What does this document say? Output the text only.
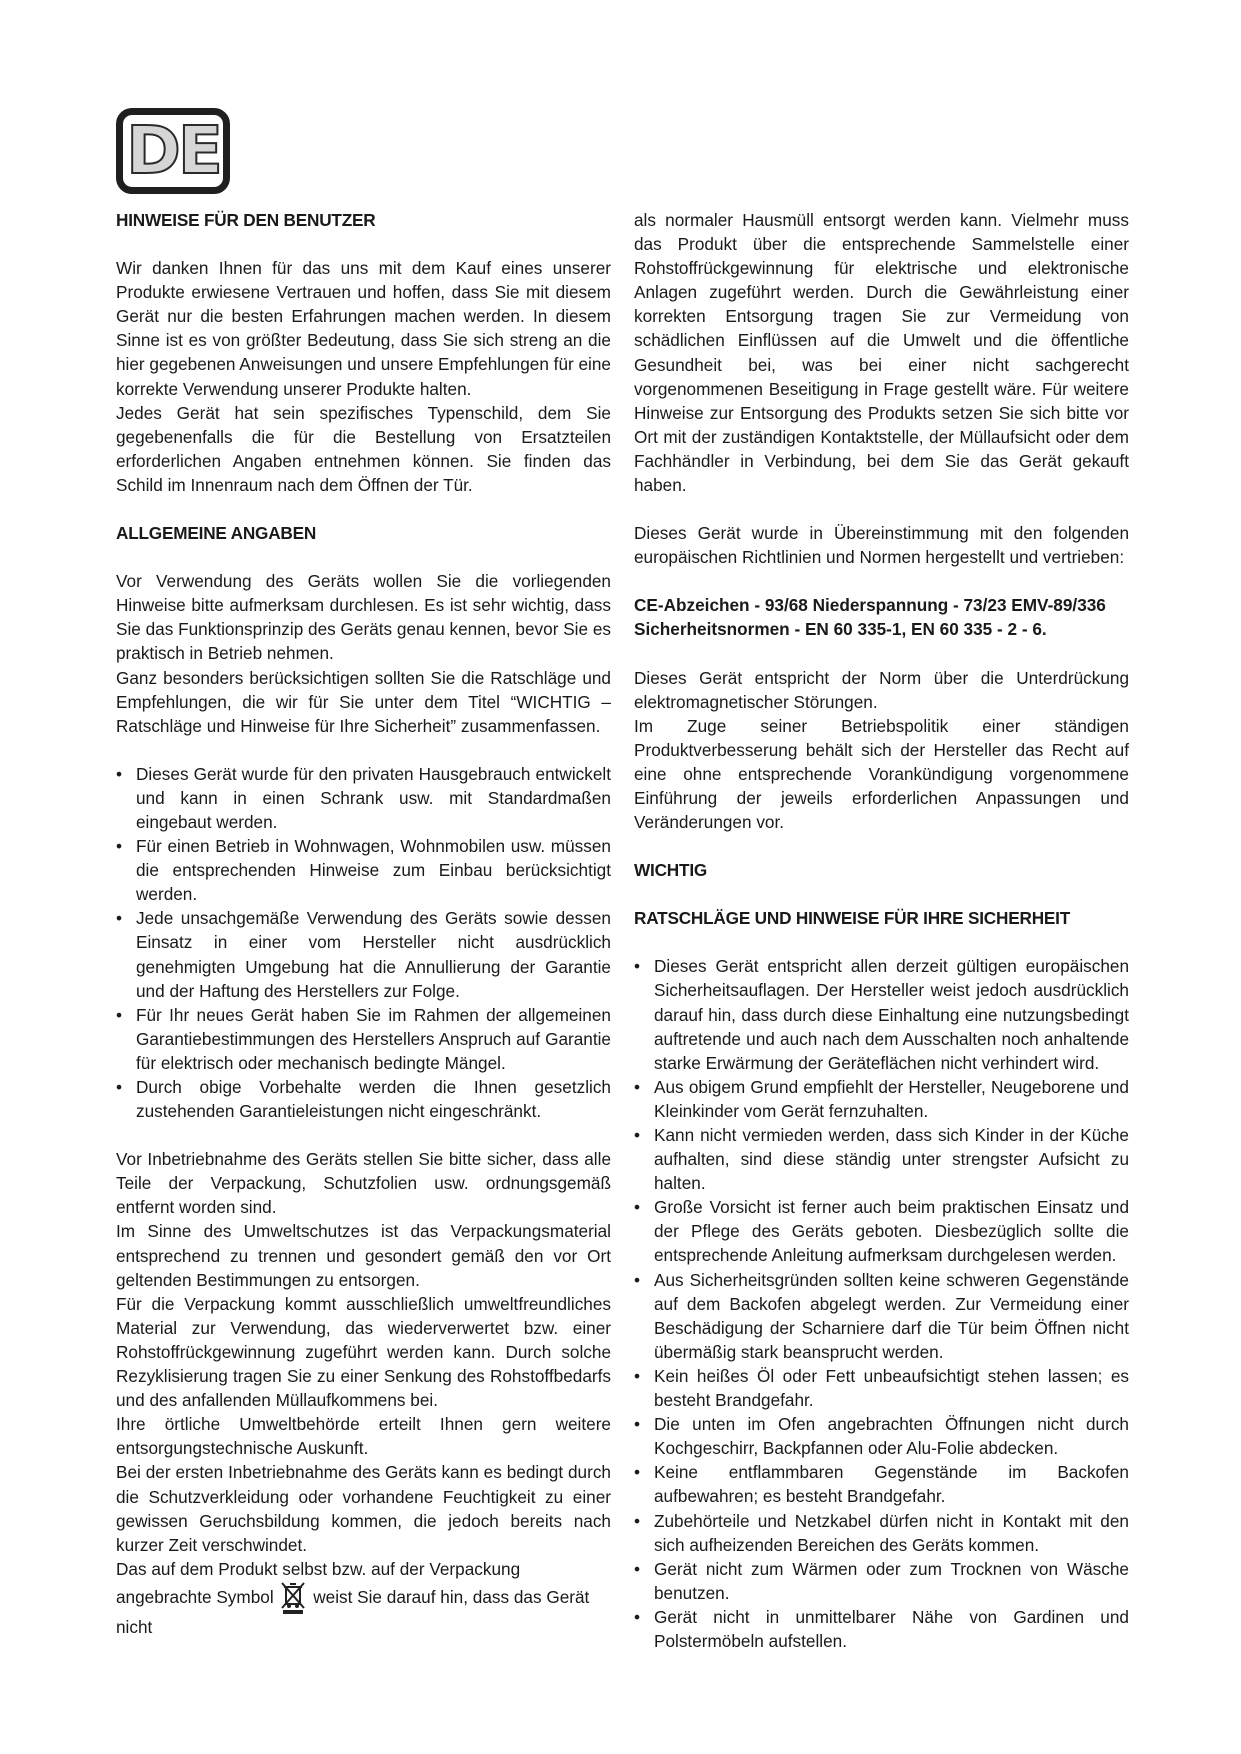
DE
HINWEISE FÜR DEN BENUTZER

Wir danken Ihnen für das uns mit dem Kauf eines unserer Produkte erwiesene Vertrauen und hoffen, dass Sie mit diesem Gerät nur die besten Erfahrungen machen werden. In diesem Sinne ist es von größter Bedeutung, dass Sie sich streng an die hier gegebenen Anweisungen und unsere Empfehlungen für eine korrekte Verwendung unserer Produkte halten.

Jedes Gerät hat sein spezifisches Typenschild, dem Sie gegebenenfalls die für die Bestellung von Ersatzteilen erforderlichen Angaben entnehmen können. Sie finden das Schild im Innenraum nach dem Öffnen der Tür.

ALLGEMEINE ANGABEN

Vor Verwendung des Geräts wollen Sie die vorliegenden Hinweise bitte aufmerksam durchlesen. Es ist sehr wichtig, dass Sie das Funktionsprinzip des Geräts genau kennen, bevor Sie es praktisch in Betrieb nehmen.

Ganz besonders berücksichtigen sollten Sie die Ratschläge und Empfehlungen, die wir für Sie unter dem Titel “WICHTIG – Ratschläge und Hinweise für Ihre Sicherheit” zusammenfassen.

• Dieses Gerät wurde für den privaten Hausgebrauch entwickelt und kann in einen Schrank usw. mit Standardmaßen eingebaut werden.
• Für einen Betrieb in Wohnwagen, Wohnmobilen usw. müssen die entsprechenden Hinweise zum Einbau berücksichtigt werden.
• Jede unsachgemäße Verwendung des Geräts sowie dessen Einsatz in einer vom Hersteller nicht ausdrücklich genehmigten Umgebung hat die Annullierung der Garantie und der Haftung des Herstellers zur Folge.
• Für Ihr neues Gerät haben Sie im Rahmen der allgemeinen Garantiebestimmungen des Herstellers Anspruch auf Garantie für elektrisch oder mechanisch bedingte Mängel.
• Durch obige Vorbehalte werden die Ihnen gesetzlich zustehenden Garantieleistungen nicht eingeschränkt.

Vor Inbetriebnahme des Geräts stellen Sie bitte sicher, dass alle Teile der Verpackung, Schutzfolien usw. ordnungsgemäß entfernt worden sind.

Im Sinne des Umweltschutzes ist das Verpackungsmaterial entsprechend zu trennen und gesondert gemäß den vor Ort geltenden Bestimmungen zu entsorgen.

Für die Verpackung kommt ausschließlich umweltfreundliches Material zur Verwendung, das wiederverwertet bzw. einer Rohstoffrückgewinnung zugeführt werden kann. Durch solche Rezyklisierung tragen Sie zu einer Senkung des Rohstoffbedarfs und des anfallenden Müllaufkommens bei.

Ihre örtliche Umweltbehörde erteilt Ihnen gern weitere entsorgungstechnische Auskunft.

Bei der ersten Inbetriebnahme des Geräts kann es bedingt durch die Schutzverkleidung oder vorhandene Feuchtigkeit zu einer gewissen Geruchsbildung kommen, die jedoch bereits nach kurzer Zeit verschwindet.

Das auf dem Produkt selbst bzw. auf der Verpackung angebrachte Symbol weist Sie darauf hin, dass das Gerät nicht

als normaler Hausmüll entsorgt werden kann. Vielmehr muss das Produkt über die entsprechende Sammelstelle einer Rohstoffrückgewinnung für elektrische und elektronische Anlagen zugeführt werden. Durch die Gewährleistung einer korrekten Entsorgung tragen Sie zur Vermeidung von schädlichen Einflüssen auf die Umwelt und die öffentliche Gesundheit bei, was bei einer nicht sachgerecht vorgenommenen Beseitigung in Frage gestellt wäre. Für weitere Hinweise zur Entsorgung des Produkts setzen Sie sich bitte vor Ort mit der zuständigen Kontaktstelle, der Müllaufsicht oder dem Fachhändler in Verbindung, bei dem Sie das Gerät gekauft haben.

Dieses Gerät wurde in Übereinstimmung mit den folgenden europäischen Richtlinien und Normen hergestellt und vertrieben:

CE-Abzeichen - 93/68 Niederspannung - 73/23 EMV-89/336

Sicherheitsnormen - EN 60 335-1, EN 60 335 - 2 - 6.

Dieses Gerät entspricht der Norm über die Unterdrückung elektromagnetischer Störungen.

Im Zuge seiner Betriebspolitik einer ständigen Produktverbesserung behält sich der Hersteller das Recht auf eine ohne entsprechende Vorankündigung vorgenommene Einführung der jeweils erforderlichen Anpassungen und Veränderungen vor.

WICHTIG
RATSCHLÄGE UND HINWEISE FÜR IHRE SICHERHEIT
• Dieses Gerät entspricht allen derzeit gültigen europäischen Sicherheitsauflagen. Der Hersteller weist jedoch ausdrücklich darauf hin, dass durch diese Einhaltung eine nutzungsbedingt auftretende und auch nach dem Ausschalten noch anhaltende starke Erwärmung der Geräteflächen nicht verhindert wird.
• Aus obigem Grund empfiehlt der Hersteller, Neugeborene und Kleinkinder vom Gerät fernzuhalten.
• Kann nicht vermieden werden, dass sich Kinder in der Küche aufhalten, sind diese ständig unter strengster Aufsicht zu halten.
• Große Vorsicht ist ferner auch beim praktischen Einsatz und der Pflege des Geräts geboten. Diesbezüglich sollte die entsprechende Anleitung aufmerksam durchgelesen werden.
• Aus Sicherheitsgründen sollten keine schweren Gegenstände auf dem Backofen abgelegt werden. Zur Vermeidung einer Beschädigung der Scharniere darf die Tür beim Öffnen nicht übermäßig stark beansprucht werden.
• Kein heißes Öl oder Fett unbeaufsichtigt stehen lassen; es besteht Brandgefahr.
• Die unten im Ofen angebrachten Öffnungen nicht durch Kochgeschirr, Backpfannen oder Alu-Folie abdecken.
• Keine entflammbaren Gegenstände im Backofen aufbewahren; es besteht Brandgefahr.
• Zubehörteile und Netzkabel dürfen nicht in Kontakt mit den sich aufheizenden Bereichen des Geräts kommen.
• Gerät nicht zum Wärmen oder zum Trocknen von Wäsche benutzen.
• Gerät nicht in unmittelbarer Nähe von Gardinen und Polstermöbeln aufstellen.
